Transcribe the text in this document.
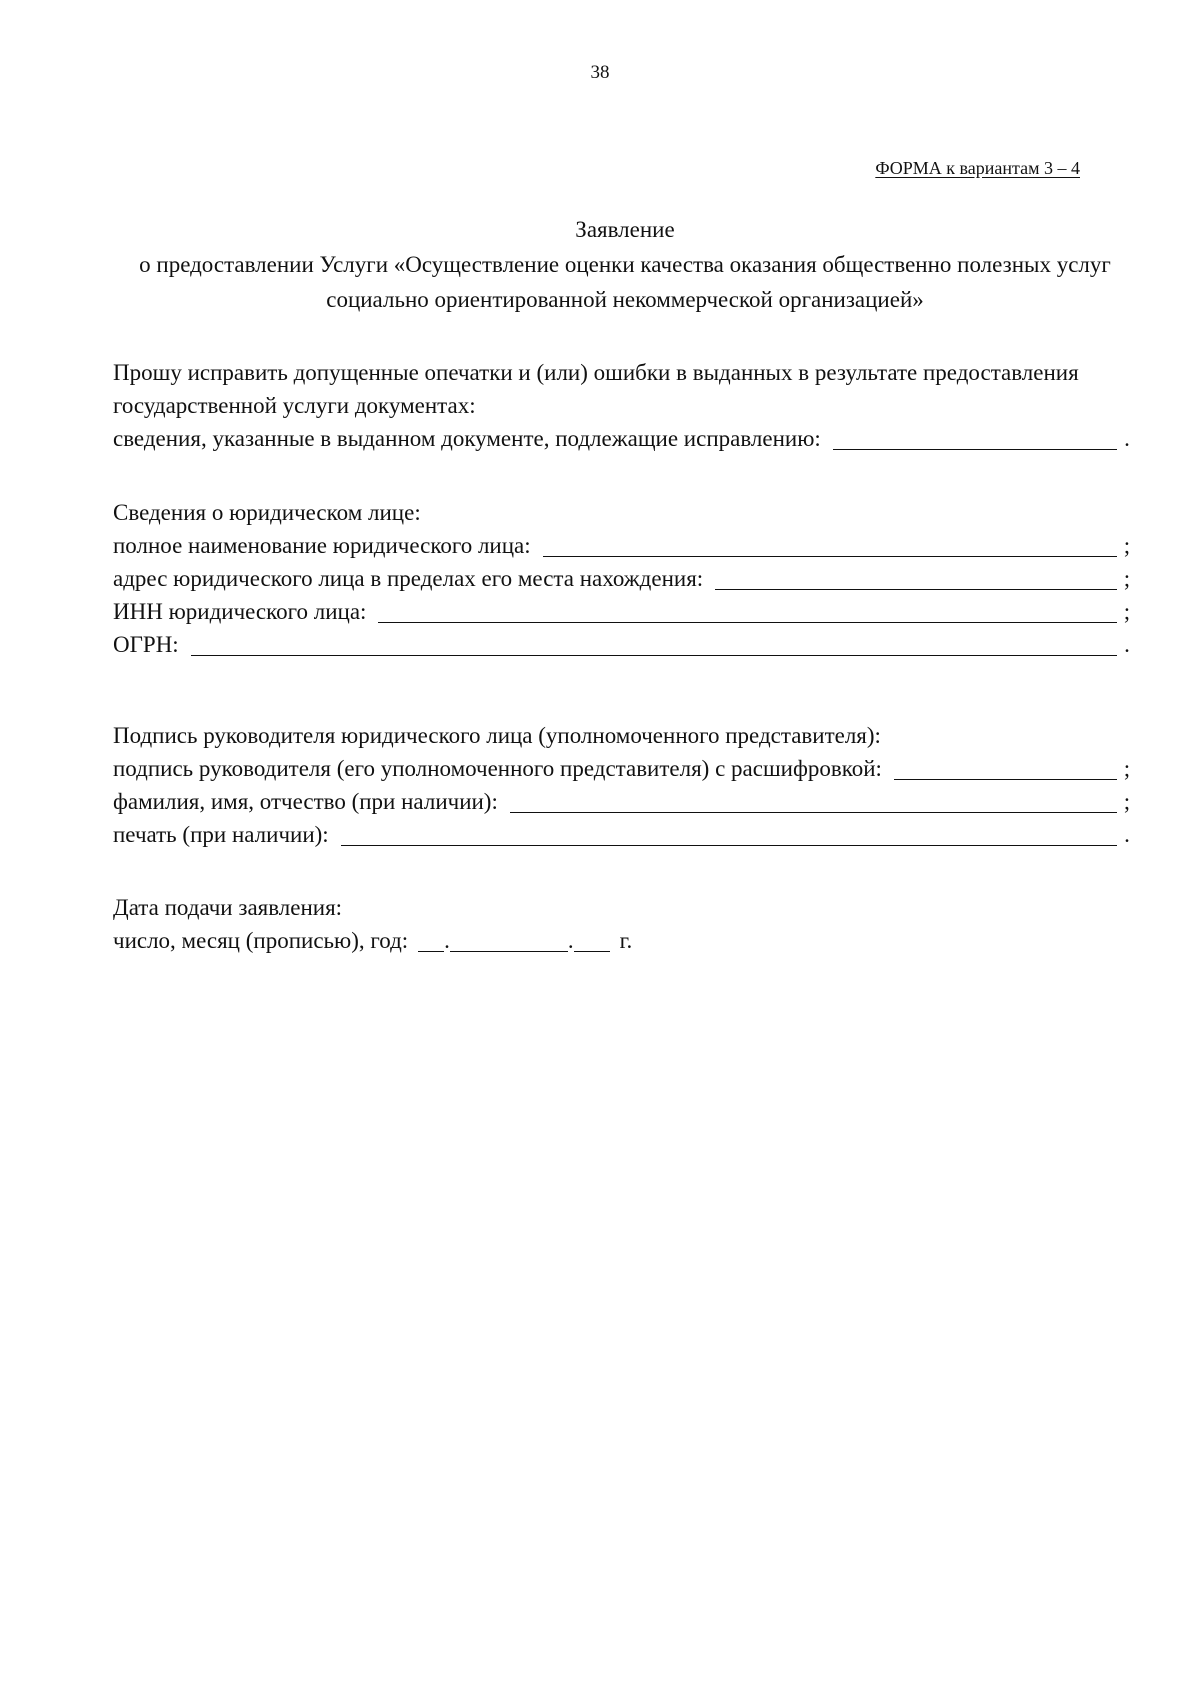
38
ФОРМА к вариантам 3 – 4
Заявление
о предоставлении Услуги «Осуществление оценки качества оказания общественно полезных услуг
социально ориентированной некоммерческой организацией»
Прошу исправить допущенные опечатки и (или) ошибки в выданных в результате предоставления
государственной услуги документах:
сведения, указанные в выданном документе, подлежащие исправлению:	.
Сведения о юридическом лице:
полное наименование юридического лица:	;
адрес юридического лица в пределах его места нахождения:	;
ИНН юридического лица:	;
ОГРН:	.
Подпись руководителя юридического лица (уполномоченного представителя):
подпись руководителя (его уполномоченного представителя) с расшифровкой:	;
фамилия, имя, отчество (при наличии):	;
печать (при наличии):	.
Дата подачи заявления:
число, месяц (прописью), год: .	. г.
